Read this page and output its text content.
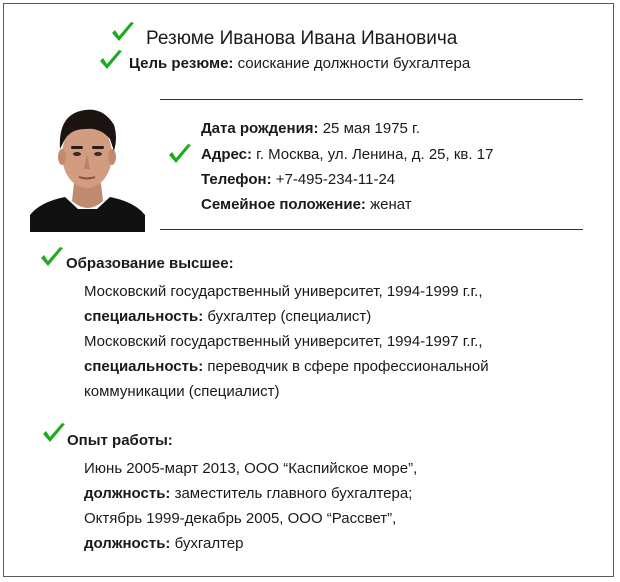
Резюме Иванова Ивана Ивановича
Цель резюме: соискание должности бухгалтера
Дата рождения: 25 мая 1975 г.
Адрес: г. Москва, ул. Ленина, д. 25, кв. 17
Телефон: +7-495-234-11-24
Семейное положение: женат
Образование высшее:
Московский государственный университет, 1994-1999 г.г.,
специальность: бухгалтер (специалист)
Московский государственный университет, 1994-1997 г.г.,
специальность: переводчик в сфере профессиональной
коммуникации (специалист)
Опыт работы:
Июнь 2005-март 2013, ООО “Каспийское море”,
должность: заместитель главного бухгалтера;
Октябрь 1999-декабрь 2005, ООО “Рассвет”,
должность: бухгалтер
